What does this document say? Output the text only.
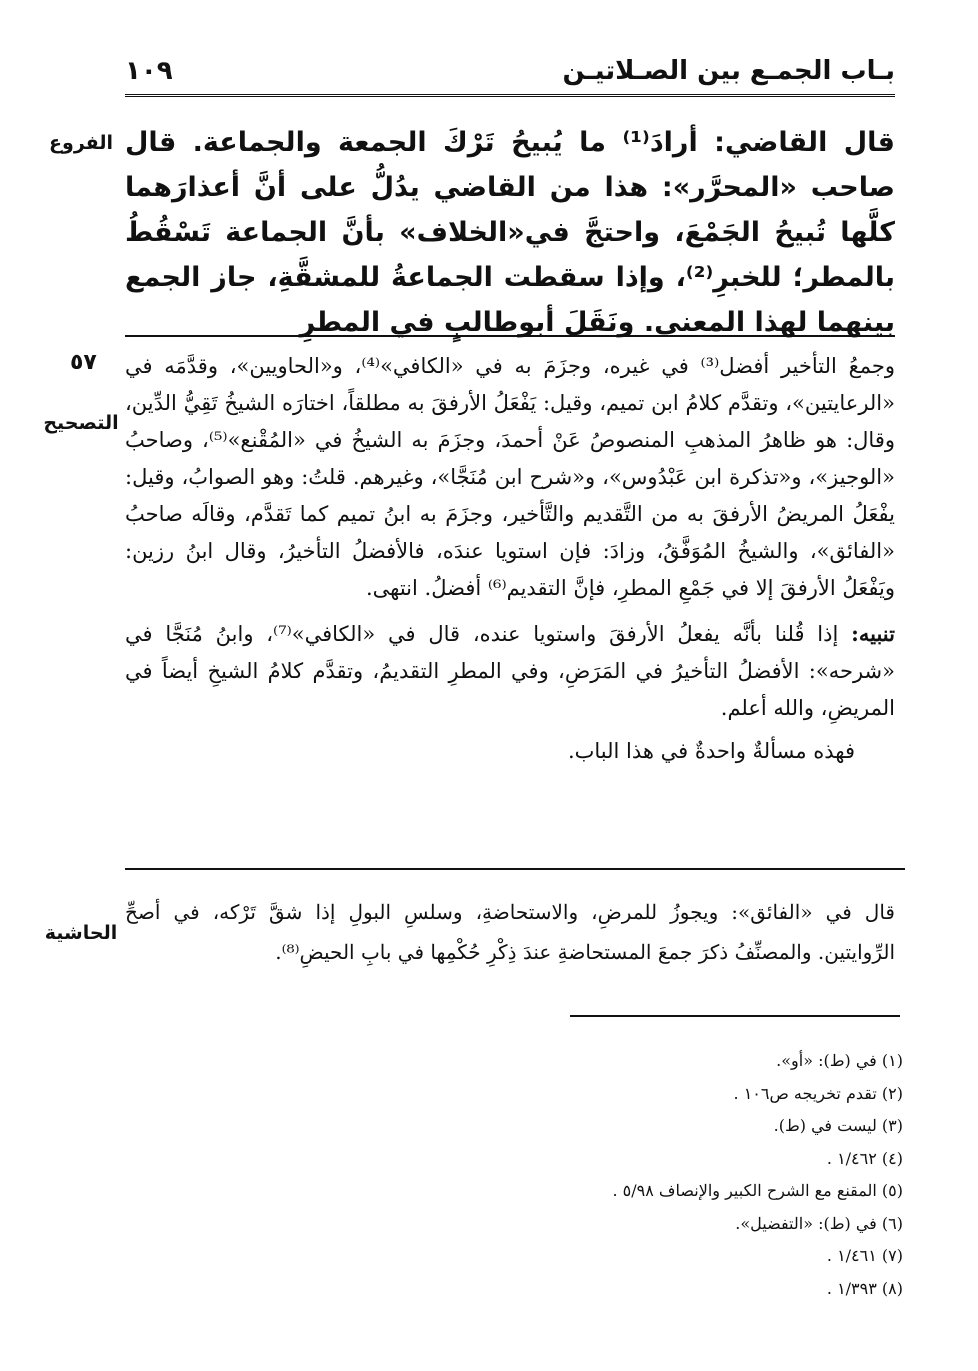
بـاب الجمـع بين الصـلاتيـن
١٠٩
الفروع قال القاضي: أرادَ⁽¹⁾ ما يُبيحُ تَرْكَ الجمعة والجماعة. قال صاحب «المحرَّر»: هذا من القاضي يدُلُّ على أنَّ أعذارَهما كلَّها تُبيحُ الجَمْعَ، واحتجَّ في«الخلاف» بأنَّ الجماعة تَسْقُطُ بالمطر؛ للخبرِ⁽²⁾، وإذا سقطت الجماعةُ للمشقَّةِ، جاز الجمع بينهما لهذا المعنى. ونَقَلَ أبوطالبٍ في المطرِ

٥٧
التصحيح

وجمعُ التأخير أفضل⁽³⁾ في غيره، وجزَمَ به في «الكافي»⁽⁴⁾، و«الحاويين»، وقدَّمَه في «الرعايتين»، وتقدَّم كلامُ ابن تميم، وقيل: يَفْعَلُ الأرفقَ به مطلقاً، اختارَه الشيخُ تَقِيُّ الدِّين، وقال: هو ظاهرُ المذهبِ المنصوصُ عَنْ أحمدَ، وجزَمَ به الشيخُ في «المُقْنع»⁽⁵⁾، وصاحبُ «الوجيز»، و«تذكرة ابن عَبْدُوس»، و«شرح ابن مُنَجَّا»، وغيرهم. قلتُ: وهو الصوابُ، وقيل: يفْعَلُ المريضُ الأرفقَ به من التَّقديم والتَّأخير، وجزَمَ به ابنُ تميم كما تَقدَّم، وقالَه صاحبُ «الفائق»، والشيخُ المُوَفَّقُ، وزادَ: فإن استويا عندَه، فالأفضلُ التأخيرُ، وقال ابنُ رزين: ويَفْعَلُ الأرفقَ إلا في جَمْعِ المطرِ، فإنَّ التقديم⁽⁶⁾ أفضلُ. انتهى.

تنبيه: إذا قُلنا بأنَّه يفعلُ الأرفقَ واستويا عنده، قال في «الكافي»⁽⁷⁾، وابنُ مُنَجَّا في «شرحه»: الأفضلُ التأخيرُ في المَرَضِ، وفي المطرِ التقديمُ، وتقدَّم كلامُ الشيخِ أيضاً في المريضِ، والله أعلم.

فهذه مسألةٌ واحدةٌ في هذا الباب.

الحاشية

قال في «الفائق»: ويجوزُ للمرضِ، والاستحاضةِ، وسلسِ البولِ إذا شقَّ تَرْكه، في أصحِّ الرِّوايتين. والمصنِّفُ ذكرَ جمعَ المستحاضةِ عندَ ذِكْرِ حُكْمِها في بابِ الحيضِ⁽⁸⁾.

(١) في (ط): «أو».
(٢) تقدم تخريجه ص١٠٦ .
(٣) ليست في (ط).
(٤) ١/٤٦٢ .
(٥) المقنع مع الشرح الكبير والإنصاف ٥/٩٨ .
(٦) في (ط): «التفضيل».
(٧) ١/٤٦١ .
(٨) ١/٣٩٣ .
